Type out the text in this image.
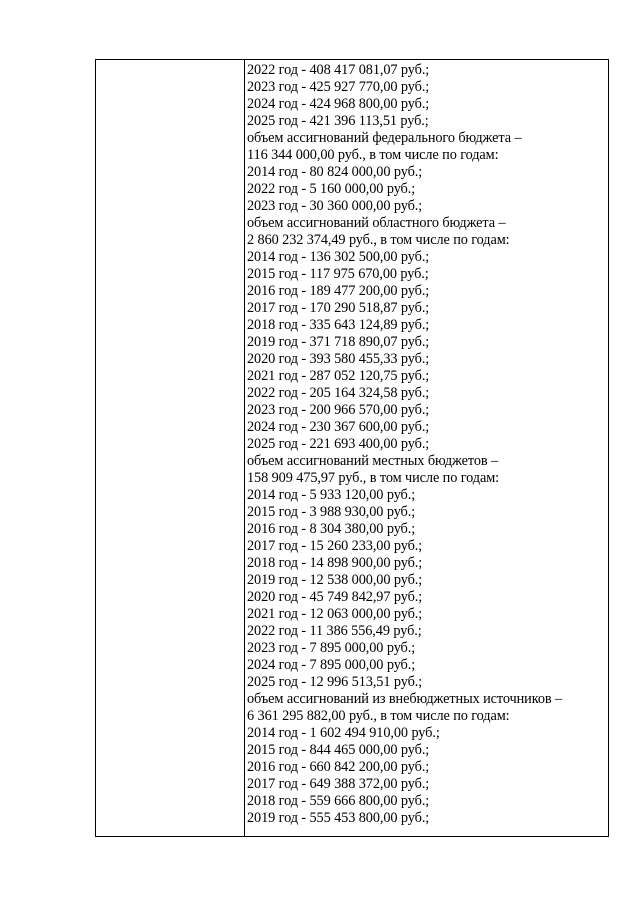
2022 год - 408 417 081,07 руб.;
2023 год - 425 927 770,00 руб.;
2024 год - 424 968 800,00 руб.;
2025 год - 421 396 113,51 руб.;
объем ассигнований федерального бюджета –
116 344 000,00 руб., в том числе по годам:
2014 год - 80 824 000,00 руб.;
2022 год - 5 160 000,00 руб.;
2023 год - 30 360 000,00 руб.;
объем ассигнований областного бюджета –
2 860 232 374,49 руб., в том числе по годам:
2014 год - 136 302 500,00 руб.;
2015 год - 117 975 670,00 руб.;
2016 год - 189 477 200,00 руб.;
2017 год - 170 290 518,87 руб.;
2018 год - 335 643 124,89 руб.;
2019 год - 371 718 890,07 руб.;
2020 год - 393 580 455,33 руб.;
2021 год - 287 052 120,75 руб.;
2022 год - 205 164 324,58 руб.;
2023 год - 200 966 570,00 руб.;
2024 год - 230 367 600,00 руб.;
2025 год - 221 693 400,00 руб.;
объем ассигнований местных бюджетов –
158 909 475,97 руб., в том числе по годам:
2014 год - 5 933 120,00 руб.;
2015 год - 3 988 930,00 руб.;
2016 год - 8 304 380,00 руб.;
2017 год - 15 260 233,00 руб.;
2018 год - 14 898 900,00 руб.;
2019 год - 12 538 000,00 руб.;
2020 год - 45 749 842,97 руб.;
2021 год - 12 063 000,00 руб.;
2022 год - 11 386 556,49 руб.;
2023 год - 7 895 000,00 руб.;
2024 год - 7 895 000,00 руб.;
2025 год - 12 996 513,51 руб.;
объем ассигнований из внебюджетных источников –
6 361 295 882,00 руб., в том числе по годам:
2014 год - 1 602 494 910,00 руб.;
2015 год - 844 465 000,00 руб.;
2016 год - 660 842 200,00 руб.;
2017 год - 649 388 372,00 руб.;
2018 год - 559 666 800,00 руб.;
2019 год - 555 453 800,00 руб.;
